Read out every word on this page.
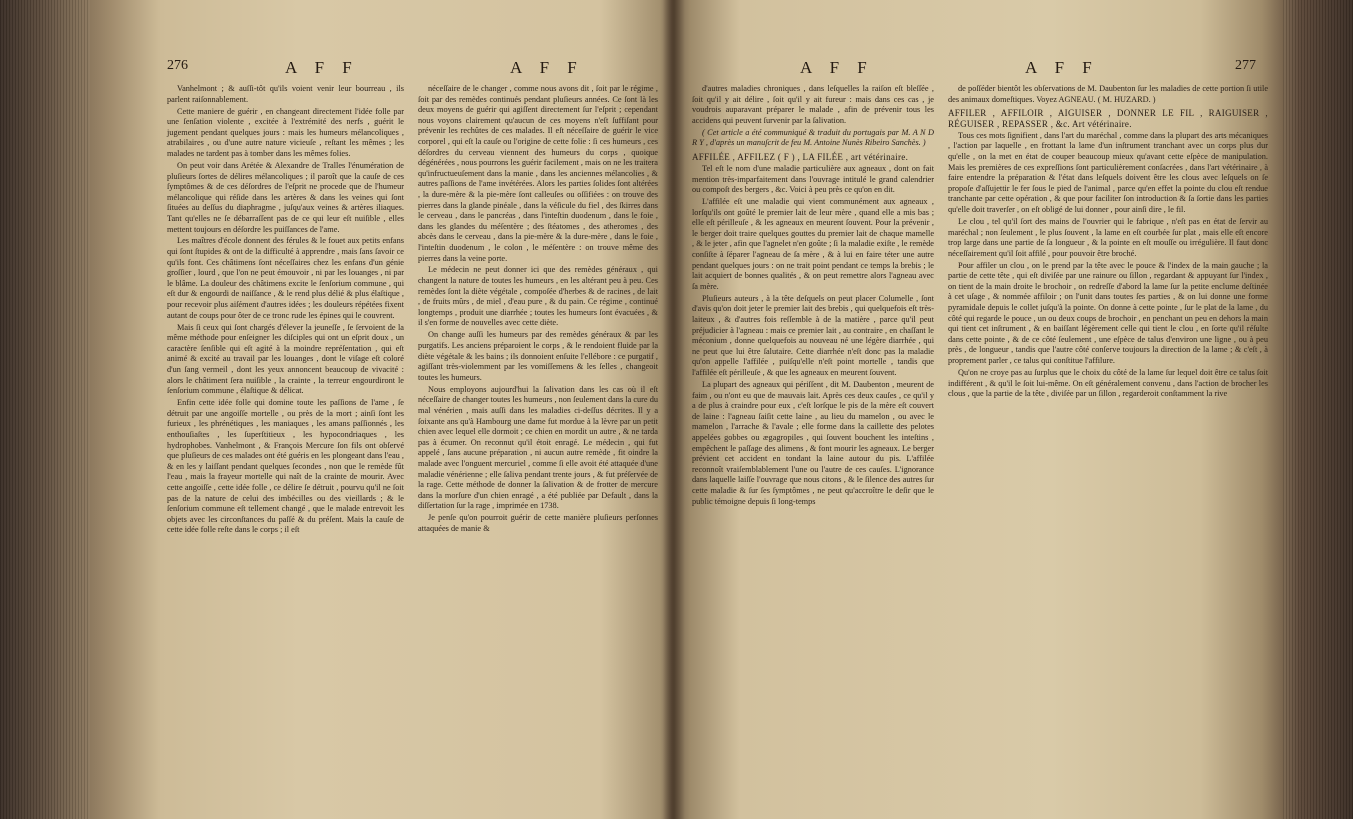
276	A F F	A F F

Vanhelmont ; & auſſi-tôt qu'ils voient venir leur bourreau , ils parlent raiſonnablement.

Cette maniere de guérir , en changeant directement l'idée folle par une ſenſation violente , excitée à l'extrémité des nerfs , guérit le jugement pendant quelques jours : mais les humeurs mélancoliques , atrabilaires , ou d'une autre nature vicieuſe , reſtant les mêmes ; les malades ne tardent pas à tomber dans les mêmes folies.

On peut voir dans Arétée & Alexandre de Tralles l'énumération de pluſieurs ſortes de délires mélancoliques ; il paroît que la cauſe de ces ſymptômes & de ces déſordres de l'eſprit ne procede que de l'humeur mélancolique qui réſide dans les artères & dans les veines qui ſont ſituées au deſſus du diaphragme , juſqu'aux veines & artères iliaques. Tant qu'elles ne ſe débarraſſent pas de ce qui leur eſt nuiſible , elles mettent toujours en déſordre les puiſſances de l'ame.

Les maîtres d'école donnent des férules & le fouet aux petits enfans qui ſont ſtupides & ont de la difficulté à apprendre , mais ſans ſavoir ce qu'ils font. Ces châtimens ſont néceſſaires chez les enfans d'un génie groſſier , lourd , que l'on ne peut émouvoir , ni par les louanges , ni par le blâme. La douleur des châtimens excite le ſenſorium commune , qui eſt dur & engourdi de naiſſance , & le rend plus délié & plus élaſtique , pour recevoir plus aiſément d'autres idées ; les douleurs répétées fixent autant de coups pour ôter de ce tronc rude les épines qui le couvrent.

Mais ſi ceux qui ſont chargés d'élever la jeuneſſe , ſe ſervoient de la même méthode pour enſeigner les diſciples qui ont un eſprit doux , un caractère ſenſible qui eſt agité à la moindre repréſentation , qui eſt animé & excité au travail par les louanges , dont le viſage eſt coloré d'un ſang vermeil , dont les yeux annoncent beaucoup de vivacité : alors le châtiment ſera nuiſible , la crainte , la terreur engourdiront le ſenſorium commune , élaſtique & délicat.

Enfin cette idée folle qui domine toute les paſſions de l'ame , ſe détruit par une angoiſſe mortelle , ou près de la mort ; ainſi ſont les furieux , les phrénétiques , les maniaques , les amans paſſionnés , les enthouſiaſtes , les ſuperſtitieux , les hypocondriaques , les hydrophobes. Vanhelmont , & François Mercure ſon fils ont obſervé que pluſieurs de ces malades ont été guéris en les plongeant dans l'eau , & en les y laiſſant pendant quelques ſecondes , non que le remède fût l'eau , mais la frayeur mortelle qui naît de la crainte de mourir. Avec cette angoiſſe , cette idée folle , ce délire ſe détruit , pourvu qu'il ne ſoit pas de la nature de celui des imbécilles ou des vieillards ; & le ſenſorium commune eſt tellement changé , que le malade entrevoit les objets avec les circonſtances du paſſé & du préſent. Mais la cauſe de cette idée folle reſte dans le corps ; il eſt

néceſſaire de le changer , comme nous avons dit , ſoit par le régime , ſoit par des remèdes continués pendant pluſieurs années. Ce ſont là les deux moyens de guérir qui agiſſent directement ſur l'eſprit ; cependant nous voyons clairement qu'aucun de ces moyens n'eſt ſuffiſant pour prévenir les rechûtes de ces malades. Il eſt néceſſaire de guérir le vice corporel , qui eſt la cauſe ou l'origine de cette folie : ſi ces humeurs , ces déſordres du cerveau viennent des humeurs du corps , quoique dégénérées , nous pourrons les guérir facilement , mais on ne les traitera qu'infructueuſement dans la manie , dans les anciennes mélancolies , & autres paſſions de l'ame invétérées. Alors les parties ſolides ſont altérées , la dure-mère & la pie-mère ſont calleuſes ou oſſifiées : on trouve des pierres dans la glande pinéale , dans la véſicule du fiel , des ſkirres dans le cerveau , dans le pancréas , dans l'inteſtin duodenum , dans le foie , dans les glandes du méſentère ; des ſtéatomes , des atheromes , des abcès dans le cerveau , dans la pie-mère & la dure-mère , dans le foie , l'inteſtin duodenum , le colon , le méſentère : on trouve même des pierres dans la veine porte.

Le médecin ne peut donner ici que des remèdes généraux , qui changent la nature de toutes les humeurs , en les altérant peu à peu. Ces remèdes ſont la diète végétale , compoſée d'herbes & de racines , de lait , de fruits mûrs , de miel , d'eau pure , & du pain. Ce régime , continué longtemps , produit une diarrhée ; toutes les humeurs ſont évacuées , & il s'en forme de nouvelles avec cette diète.

On change auſſi les humeurs par des remèdes généraux & par les purgatifs. Les anciens préparoient le corps , & le rendoient fluide par la diète végétale & les bains ; ils donnoient enſuite l'ellébore : ce purgatif , agiſſant très-violemment par les vomiſſemens & les ſelles , changeoit toutes les humeurs.

Nous employons aujourd'hui la ſalivation dans les cas où il eſt néceſſaire de changer toutes les humeurs , non ſeulement dans la cure du mal vénérien , mais auſſi dans les maladies ci-deſſus décrites. Il y a ſoixante ans qu'à Hambourg une dame fut mordue à la lèvre par un petit chien avec lequel elle dormoit ; ce chien en mordit un autre , & ne tarda pas à écumer. On reconnut qu'il étoit enragé. Le médecin , qui fut appelé , ſans aucune préparation , ni aucun autre remède , fit oindre la malade avec l'onguent mercuriel , comme ſi elle avoit été attaquée d'une maladie vénérienne ; elle ſaliva pendant trente jours , & fut préſervée de la rage. Cette méthode de donner la ſalivation & de frotter de mercure dans la morſure d'un chien enragé , a été publiée par Default , dans la diſſertation ſur la rage , imprimée en 1738.

Je penſe qu'on pourroit guérir de cette manière pluſieurs perſonnes attaquées de manie &

A F F	A F F	277

d'autres maladies chroniques , dans leſquelles la raiſon eſt bleſſée , ſoit qu'il y ait délire , ſoit qu'il y ait fureur : mais dans ces cas , je voudrois auparavant préparer le malade , afin de prévenir tous les accidens qui peuvent ſurvenir par la ſalivation.

( Cet article a été communiqué & traduit du portugais par M. A N D R Y , d'après un manuſcrit de feu M. Antoine Nunès Ribeiro Sanchès. )

AFFILÉE , AFFILEZ ( F ) , LA FILÉE , art vétérinaire.

Tel eſt le nom d'une maladie particulière aux agneaux , dont on fait mention très-imparfaitement dans l'ouvrage intitulé le grand calendrier ou compoſt des bergers , &c. Voici à peu près ce qu'on en dit.

L'affilée eſt une maladie qui vient communément aux agneaux , lorſqu'ils ont goûté le premier lait de leur mère , quand elle a mis bas ; elle eſt périlleuſe , & les agneaux en meurent ſouvent. Pour la prévenir , le berger doit traire quelques gouttes du premier lait de chaque mamelle , & le jeter , afin que l'agnelet n'en goûte ; ſi la maladie exiſte , le remède conſiſte à ſéparer l'agneau de ſa mère , & à lui en faire téter une autre pendant quelques jours : on ne trait point pendant ce temps la brebis ; le lait acquiert de bonnes qualités , & on peut remettre alors l'agneau avec ſa mère.

Pluſieurs auteurs , à la tête deſquels on peut placer Columelle , ſont d'avis qu'on doit jeter le premier lait des brebis , qui quelquefois eſt très-laiteux , & d'autres fois reſſemble à de la matière , parce qu'il peut préjudicier à l'agneau : mais ce premier lait , au contraire , en chaſſant le méconium , donne quelquefois au nouveau né une légère diarrhée , qui ne peut que lui être ſalutaire. Cette diarrhée n'eſt donc pas la maladie qu'on appelle l'affilée , puiſqu'elle n'eſt point mortelle , tandis que l'affilée eſt périlleuſe , & que les agneaux en meurent ſouvent.

La plupart des agneaux qui périſſent , dit M. Daubenton , meurent de faim , ou n'ont eu que de mauvais lait. Après ces deux cauſes , ce qu'il y a de plus à craindre pour eux , c'eſt lorſque le pis de la mère eſt couvert de laine : l'agneau ſaiſit cette laine , au lieu du mamelon , ou avec le mamelon , l'arrache & l'avale ; elle forme dans la caillette des pelotes appelées gobbes ou ægagropiles , qui ſouvent bouchent les inteſtins , empêchent le paſſage des alimens , & font mourir les agneaux. Le berger prévient cet accident en tondant la laine autour du pis. L'affilée reconnoît vraiſemblablement l'une ou l'autre de ces cauſes. L'ignorance dans laquelle laiſſe l'ouvrage que nous citons , & le ſilence des autres ſur cette maladie & ſur ſes ſymptômes , ne peut qu'accroître le deſir que le public témoigne depuis ſi long-temps

de poſſéder bientôt les obſervations de M. Daubenton ſur les maladies de cette portion ſi utile des animaux domeſtiques. Voyez AGNEAU. ( M. HUZARD. )

AFFILER , AFFILOIR , AIGUISER , DONNER LE FIL , RAIGUISER , RÉGUISER , REPASSER , &c. Art vétérinaire.

Tous ces mots ſignifient , dans l'art du maréchal , comme dans la plupart des arts mécaniques , l'action par laquelle , en frottant la lame d'un inſtrument tranchant avec un corps plus dur qu'elle , on la met en état de couper beaucoup mieux qu'avant cette eſpèce de manipulation. Mais les premières de ces expreſſions ſont particulièrement conſacrées , dans l'art vétérinaire , à faire entendre la préparation & l'état dans leſquels doivent être les clous avec leſquels on ſe propoſe d'aſſujettir le fer ſous le pied de l'animal , parce qu'en effet la pointe du clou eſt rendue tranchante par cette opération , & que pour faciliter ſon introduction & ſa ſortie dans les parties qu'elle doit traverſer , on eſt obligé de lui donner , pour ainſi dire , le fil.

Le clou , tel qu'il ſort des mains de l'ouvrier qui le fabrique , n'eſt pas en état de ſervir au maréchal ; non ſeulement , le plus ſouvent , la lame en eſt courbée ſur plat , mais elle eſt encore trop large dans une partie de ſa longueur , & la pointe en eſt mouſſe ou irrégulière. Il faut donc néceſſairement qu'il ſoit affilé , pour pouvoir être broché.

Pour affiler un clou , on le prend par la tête avec le pouce & l'index de la main gauche ; la partie de cette tête , qui eſt diviſée par une rainure ou ſillon , regardant & appuyant ſur l'index , on tient de la main droite le brochoir , on redreſſe d'abord la lame ſur la petite enclume deſtinée à cet uſage , & nommée affiloir ; on l'unit dans toutes ſes parties , & on lui donne une forme pyramidale depuis le collet juſqu'à la pointe. On donne à cette pointe , ſur le plat de la lame , du côté qui regarde le pouce , un ou deux coups de brochoir , en penchant un peu en dehors la main qui tient cet inſtrument , & en baiſſant légèrement celle qui tient le clou , en ſorte qu'il réſulte dans cette pointe , & de ce côté ſeulement , une eſpèce de talus d'environ une ligne , ou à peu près , de longueur , tandis que l'autre côté conſerve toujours la direction de la lame ; & c'eſt , à proprement parler , ce talus qui conſtitue l'affilure.

Qu'on ne croye pas au ſurplus que le choix du côté de la lame ſur lequel doit être ce talus ſoit indifférent , & qu'il le ſoit lui-même. On eſt généralement convenu , dans l'action de brocher les clous , que la partie de la tête , diviſée par un ſillon , regarderoit conſtamment la rive
